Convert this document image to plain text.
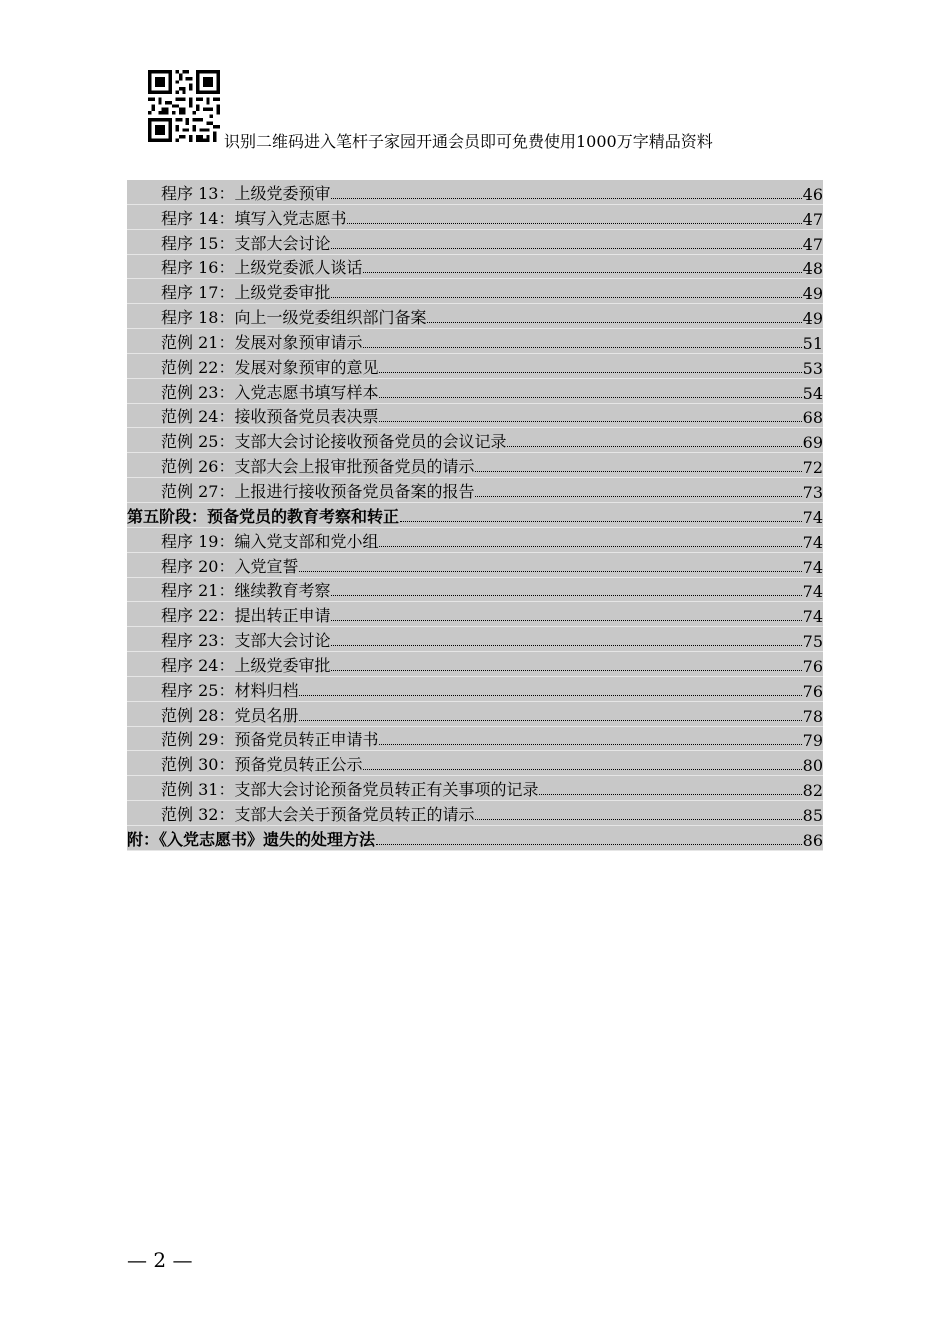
识别二维码进入笔杆子家园开通会员即可免费使用1000万字精品资料
程序 13：上级党委预审	46
程序 14：填写入党志愿书	47
程序 15：支部大会讨论	47
程序 16：上级党委派人谈话	48
程序 17：上级党委审批	49
程序 18：向上一级党委组织部门备案	49
范例 21：发展对象预审请示	51
范例 22：发展对象预审的意见	53
范例 23：入党志愿书填写样本	54
范例 24：接收预备党员表决票	68
范例 25：支部大会讨论接收预备党员的会议记录	69
范例 26：支部大会上报审批预备党员的请示	72
范例 27：上报进行接收预备党员备案的报告	73
第五阶段：预备党员的教育考察和转正	74
程序 19：编入党支部和党小组	74
程序 20：入党宣誓	74
程序 21：继续教育考察	74
程序 22：提出转正申请	74
程序 23：支部大会讨论	75
程序 24：上级党委审批	76
程序 25：材料归档	76
范例 28：党员名册	78
范例 29：预备党员转正申请书	79
范例 30：预备党员转正公示	80
范例 31：支部大会讨论预备党员转正有关事项的记录	82
范例 32：支部大会关于预备党员转正的请示	85
附：《入党志愿书》遗失的处理方法	86
— 2 —
